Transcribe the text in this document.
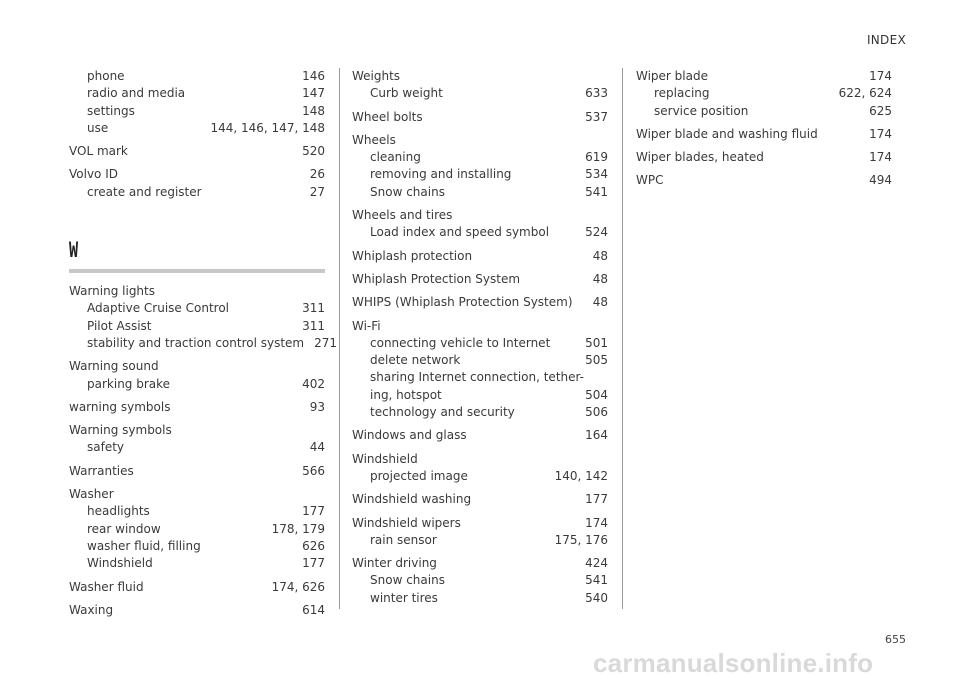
INDEX
phone	146
radio and media	147
settings	148
use	144, 146, 147, 148
VOL mark	520
Volvo ID	26
create and register	27
W
Warning lights
Adaptive Cruise Control	311
Pilot Assist	311
stability and traction control system 271
Warning sound
parking brake	402
warning symbols	93
Warning symbols
safety	44
Warranties	566
Washer
headlights	177
rear window	178, 179
washer fluid, filling	626
Windshield	177
Washer fluid	174, 626
Waxing	614
Weights
Curb weight	633
Wheel bolts	537
Wheels
cleaning	619
removing and installing	534
Snow chains	541
Wheels and tires
Load index and speed symbol	524
Whiplash protection	48
Whiplash Protection System	48
WHIPS (Whiplash Protection System)	48
Wi-Fi
connecting vehicle to Internet	501
delete network	505
sharing Internet connection, tether-
ing, hotspot	504
technology and security	506
Windows and glass	164
Windshield
projected image	140, 142
Windshield washing	177
Windshield wipers	174
rain sensor	175, 176
Winter driving	424
Snow chains	541
winter tires	540
Wiper blade	174
replacing	622, 624
service position	625
Wiper blade and washing fluid	174
Wiper blades, heated	174
WPC	494
655
carmanualsonline.info
